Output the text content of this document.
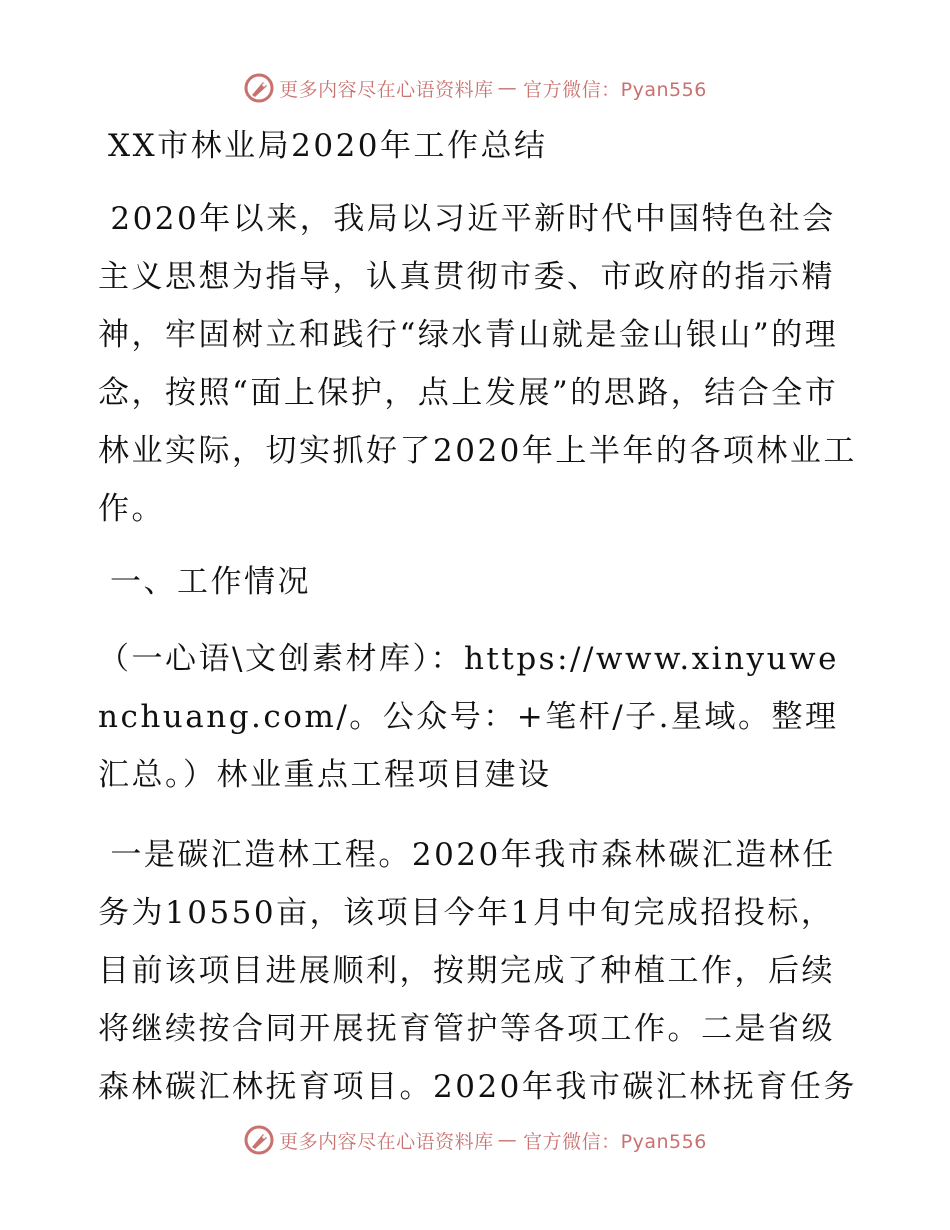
更多内容尽在心语资料库 — 官方微信：Pyan556

XX市林业局2020年工作总结

2020年以来，我局以习近平新时代中国特色社会主义思想为指导，认真贯彻市委、市政府的指示精神，牢固树立和践行“绿水青山就是金山银山”的理念，按照“面上保护，点上发展”的思路，结合全市林业实际，切实抓好了2020年上半年的各项林业工作。

一、工作情况

（一心语\文创素材库）：https://www.xinyuwenchuang.com/。公众号：+笔杆/子.星域。整理汇总。）林业重点工程项目建设

一是碳汇造林工程。2020年我市森林碳汇造林任务为10550亩，该项目今年1月中旬完成招投标，目前该项目进展顺利，按期完成了种植工作，后续将继续按合同开展抚育管护等各项工作。二是省级森林碳汇林抚育项目。2020年我市碳汇林抚育任务

更多内容尽在心语资料库 — 官方微信：Pyan556
